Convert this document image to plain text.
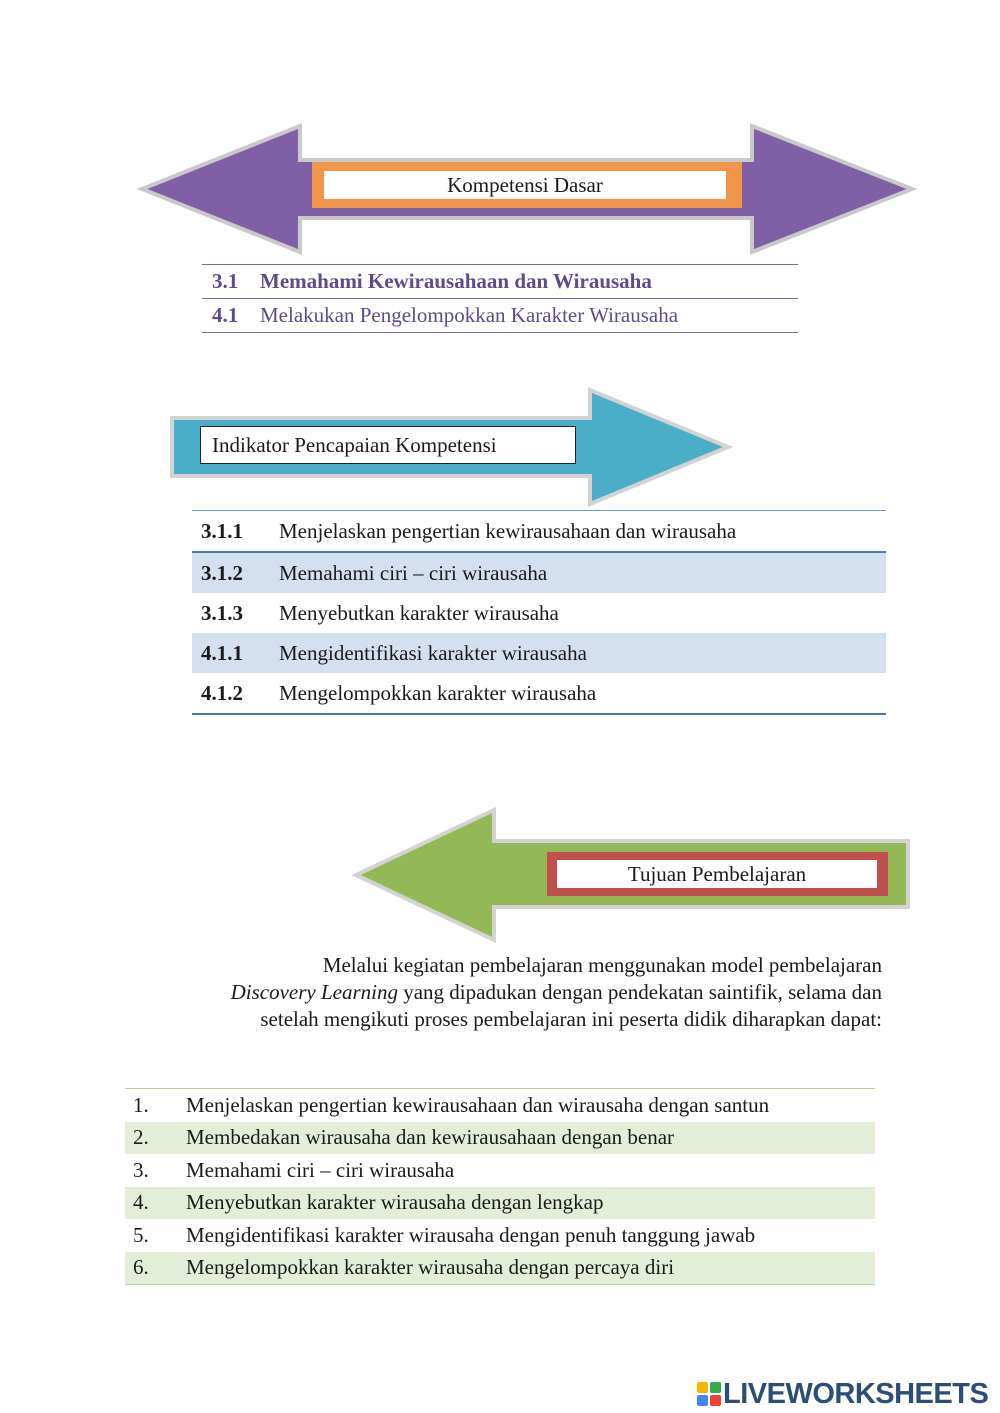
Kompetensi Dasar
3.1	Memahami Kewirausahaan dan Wirausaha
4.1	Melakukan Pengelompokkan Karakter Wirausaha
Indikator Pencapaian Kompetensi
3.1.1	Menjelaskan pengertian kewirausahaan dan wirausaha
3.1.2	Memahami ciri – ciri wirausaha
3.1.3	Menyebutkan karakter wirausaha
4.1.1	Mengidentifikasi karakter wirausaha
4.1.2	Mengelompokkan karakter wirausaha
Tujuan Pembelajaran
Melalui kegiatan pembelajaran menggunakan model pembelajaran
Discovery Learning yang dipadukan dengan pendekatan saintifik, selama dan setelah mengikuti proses pembelajaran ini peserta didik diharapkan dapat:
1.	Menjelaskan pengertian kewirausahaan dan wirausaha dengan santun
2.	Membedakan wirausaha dan kewirausahaan dengan benar
3.	Memahami ciri – ciri wirausaha
4.	Menyebutkan karakter wirausaha dengan lengkap
5.	Mengidentifikasi karakter wirausaha dengan penuh tanggung jawab
6.	Mengelompokkan karakter wirausaha dengan percaya diri
LIVEWORKSHEETS
